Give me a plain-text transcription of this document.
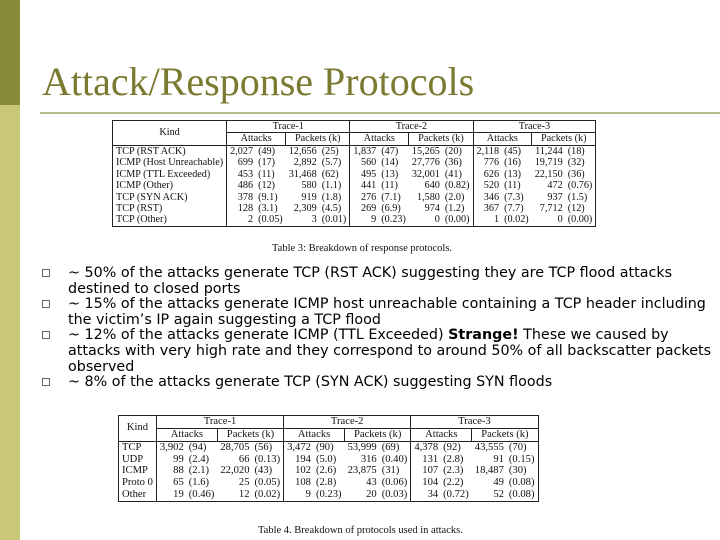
Attack/Response Protocols
Kind	Trace-1				Trace-2				Trace-3			
	Attacks		Packets (k)		Attacks		Packets (k)		Attacks		Packets (k)	
TCP (RST ACK)	2,027	(49)	12,656	(25)	1,837	(47)	15,265	(20)	2,118	(45)	11,244	(18)
ICMP (Host Unreachable)	699	(17)	2,892	(5.7)	560	(14)	27,776	(36)	776	(16)	19,719	(32)
ICMP (TTL Exceeded)	453	(11)	31,468	(62)	495	(13)	32,001	(41)	626	(13)	22,150	(36)
ICMP (Other)	486	(12)	580	(1.1)	441	(11)	640	(0.82)	520	(11)	472	(0.76)
TCP (SYN ACK)	378	(9.1)	919	(1.8)	276	(7.1)	1,580	(2.0)	346	(7.3)	937	(1.5)
TCP (RST)	128	(3.1)	2,309	(4.5)	269	(6.9)	974	(1.2)	367	(7.7)	7,712	(12)
TCP (Other)	2	(0.05)	3	(0.01)	9	(0.23)	0	(0.00)	1	(0.02)	0	(0.00)
Table 3: Breakdown of response protocols.
~ 50% of the attacks generate TCP (RST ACK) suggesting they are TCP flood attacks destined to closed ports
~ 15% of the attacks generate ICMP host unreachable containing a TCP header including the victim’s IP again suggesting a TCP flood
~ 12% of the attacks generate ICMP (TTL Exceeded) Strange! These we caused by attacks with very high rate and they correspond to around 50% of all backscatter packets observed
~ 8% of the attacks generate TCP (SYN ACK) suggesting SYN floods
Kind	Trace-1				Trace-2				Trace-3			
	Attacks		Packets (k)		Attacks		Packets (k)		Attacks		Packets (k)	
TCP	3,902	(94)	28,705	(56)	3,472	(90)	53,999	(69)	4,378	(92)	43,555	(70)
UDP	99	(2.4)	66	(0.13)	194	(5.0)	316	(0.40)	131	(2.8)	91	(0.15)
ICMP	88	(2.1)	22,020	(43)	102	(2.6)	23,875	(31)	107	(2.3)	18,487	(30)
Proto 0	65	(1.6)	25	(0.05)	108	(2.8)	43	(0.06)	104	(2.2)	49	(0.08)
Other	19	(0.46)	12	(0.02)	9	(0.23)	20	(0.03)	34	(0.72)	52	(0.08)
Table 4. Breakdown of protocols used in attacks.
